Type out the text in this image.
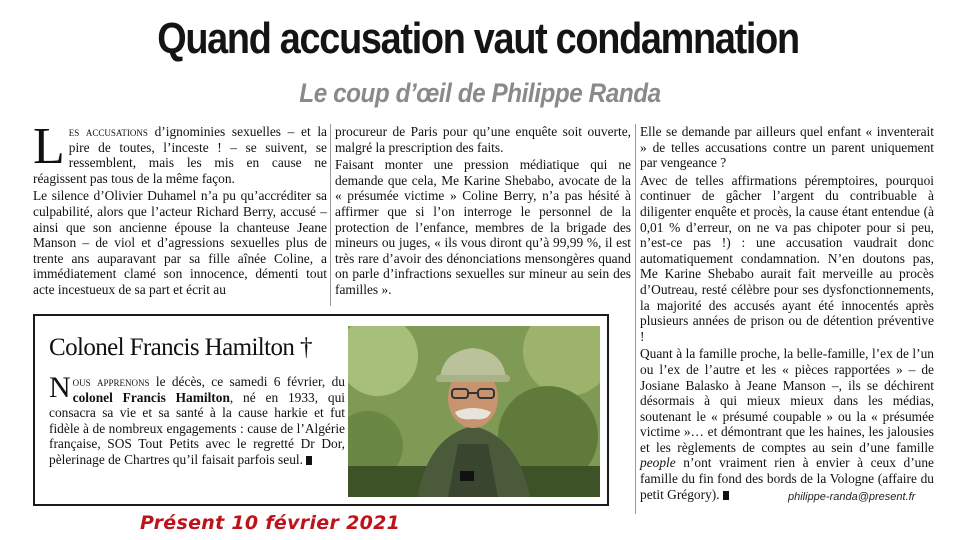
Quand accusation vaut condamnation
Le coup d’œil de Philippe Randa

Les accusations d’ignominies sexuelles – et la pire de toutes, l’inceste ! – se suivent, se ressemblent, mais les mis en cause ne réagissent pas tous de la même façon.

Le silence d’Olivier Duhamel n’a pu qu’accréditer sa culpabilité, alors que l’acteur Richard Berry, accusé – ainsi que son ancienne épouse la chanteuse Jeane Manson – de viol et d’agressions sexuelles plus de trente ans auparavant par sa fille aînée Coline, a immédiatement clamé son innocence, démenti tout acte incestueux de sa part et écrit au

procureur de Paris pour qu’une enquête soit ouverte, malgré la prescription des faits.

Faisant monter une pression médiatique qui ne demande que cela, Me Karine Shebabo, avocate de la « présumée victime » Coline Berry, n’a pas hésité à affirmer que si l’on interroge le personnel de la protection de l’enfance, membres de la brigade des mineurs ou juges, « ils vous diront qu’à 99,99 %, il est très rare d’avoir des dénonciations mensongères quand on parle d’infractions sexuelles sur mineur au sein des familles ».

Elle se demande par ailleurs quel enfant « inventerait » de telles accusations contre un parent uniquement par vengeance ?

Avec de telles affirmations péremptoires, pourquoi continuer de gâcher l’argent du contribuable à diligenter enquête et procès, la cause étant entendue (à 0,01 % d’erreur, on ne va pas chipoter pour si peu, n’est-ce pas !) : une accusation vaudrait donc automatiquement condamnation. N’en doutons pas, Me Karine Shebabo aurait fait merveille au procès d’Outreau, resté célèbre pour ses dysfonctionnements, la majorité des accusés ayant été innocentés après plusieurs années de prison ou de détention préventive !

Quant à la famille proche, la belle-famille, l’ex de l’un ou l’ex de l’autre et les « pièces rapportées » – de Josiane Balasko à Jeane Manson –, ils se déchirent désormais à qui mieux mieux dans les médias, soutenant le « présumé coupable » ou la « présumée victime »… et démontrant que les haines, les jalousies et les règlements de comptes au sein d’une famille people n’ont vraiment rien à envier à ceux d’une famille du fin fond des bords de la Vologne (affaire du petit Grégory).	philippe-randa@present.fr
Colonel Francis Hamilton †
Nous apprenons le décès, ce samedi 6 février, du colonel Francis Hamilton, né en 1933, qui consacra sa vie et sa santé à la cause harkie et fut fidèle à de nombreux engagements : cause de l’Algérie française, SOS Tout Petits avec le regretté Dr Dor, pèlerinage de Chartres qu’il faisait parfois seul.
Présent 10 février 2021
